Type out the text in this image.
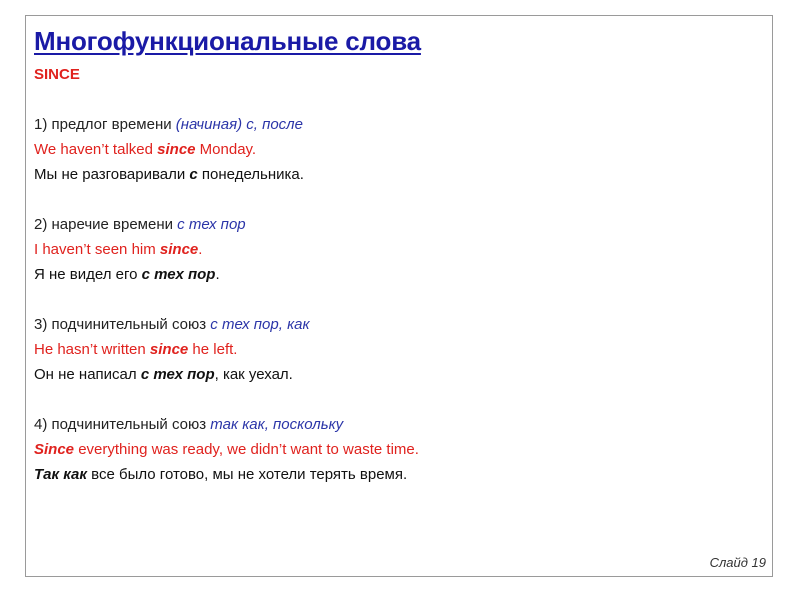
Многофункциональные слова
SINCE
1) предлог времени (начиная) с, после
We haven’t talked since Monday.
Мы не разговаривали с понедельника.
2) наречие времени с тех пор
I haven’t seen him since.
Я не видел его с тех пор.
3) подчинительный союз с тех пор, как
He hasn’t written since he left.
Он не написал с тех пор, как уехал.
4) подчинительный союз так как, поскольку
Since everything was ready, we didn’t want to waste time.
Так как все было готово, мы не хотели терять время.
Слайд 19
